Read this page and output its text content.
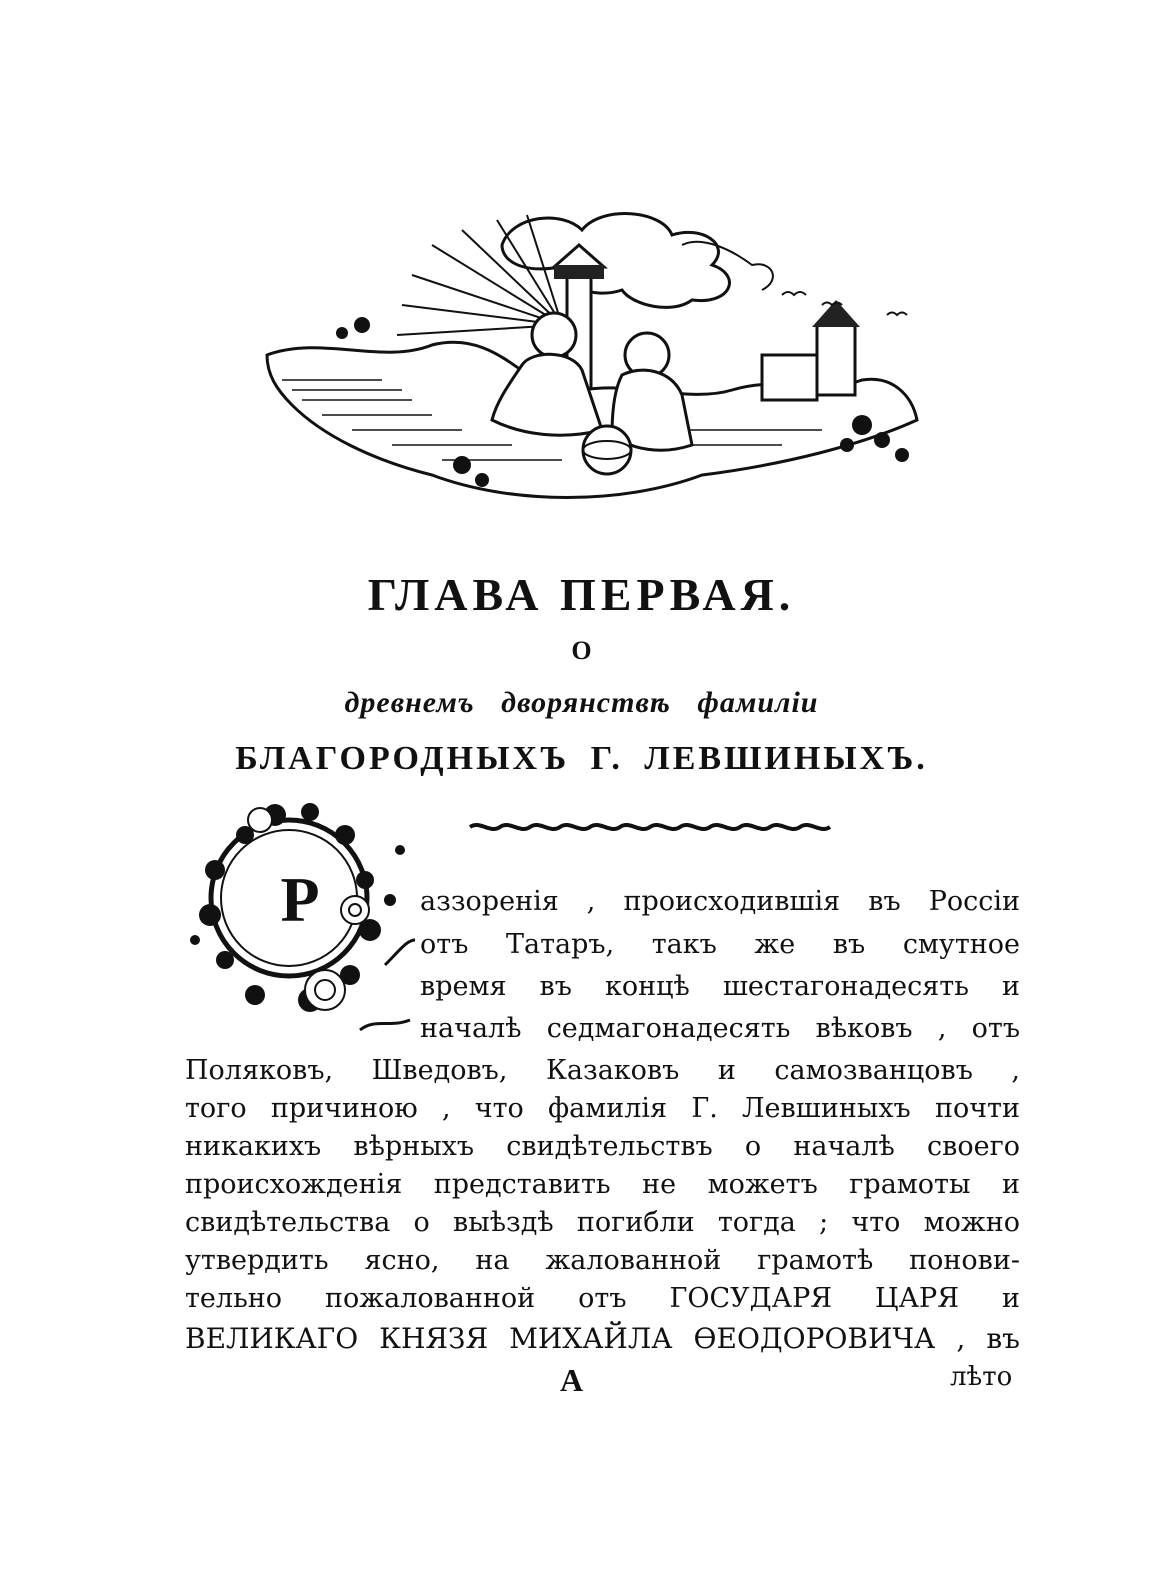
ГЛАВА ПЕРВАЯ.
О
древнемъ дворянствѣ фамиліи
БЛАГОРОДНЫХЪ Г. ЛЕВШИНЫХЪ.
Р	аззоренія , происходившія въ Россіи
отъ Татаръ, такъ же въ смутное
время въ концѣ шестагонадесять и
началѣ седмагонадесять вѣковъ , отъ
Поляковъ, Шведовъ, Казаковъ и самозванцовъ ,
того причиною , что фамилія Г. Левшиныхъ почти
никакихъ вѣрныхъ свидѣтельствъ о началѣ своего
происхожденія представить не можетъ грамоты и
свидѣтельства о выѣздѣ погибли тогда ; что можно
утвердить ясно, на жалованной грамотѣ понови-
тельно пожалованной отъ ГОСУДАРЯ ЦАРЯ и
ВЕЛИКАГО КНЯЗЯ МИХАЙЛА ӨЕОДОРОВИЧА , въ
А	лѣто
